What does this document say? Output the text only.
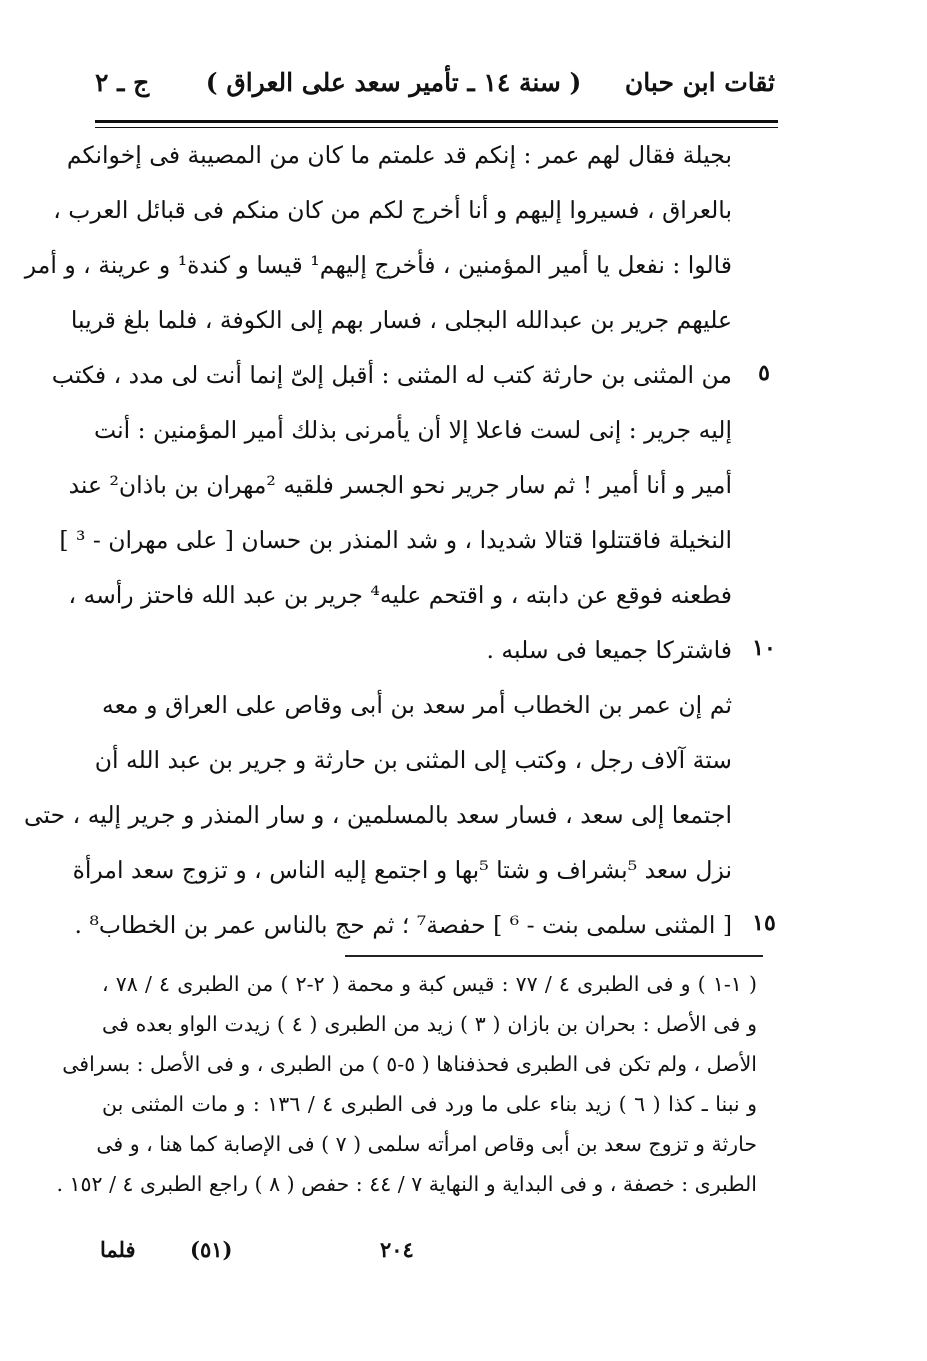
ثقات ابن حبان     ( سنة ١٤ ـ تأمير سعد على العراق )
ج ـ ٢
بجيلة فقال لهم عمر : إنكم قد علمتم ما كان من المصيبة فى إخوانكم
بالعراق ، فسيروا إليهم و أنا أخرج لكم من كان منكم فى قبائل العرب ،
قالوا : نفعل يا أمير المؤمنين ، فأخرج إليهم¹ قيسا و كندة¹ و عرينة ، و أمر
عليهم جرير بن عبدالله البجلى ، فسار بهم إلى الكوفة ، فلما بلغ قريبا
من المثنى بن حارثة كتب له المثنى : أقبل إلىّ إنما أنت لى مدد ، فكتب	٥
إليه جرير : إنى لست فاعلا إلا أن يأمرنى بذلك أمير المؤمنين : أنت
أمير و أنا أمير ! ثم سار جرير نحو الجسر فلقيه ²مهران بن باذان² عند
النخيلة فاقتتلوا قتالا شديدا ، و شد المنذر بن حسان [ على مهران - ³ ]
فطعنه فوقع عن دابته ، و اقتحم عليه⁴ جرير بن عبد الله فاحتز رأسه ،
فاشتركا جميعا فى سلبه . ١٠
ثم إن عمر بن الخطاب أمر سعد بن أبى وقاص على العراق و معه
ستة آلاف رجل ، وكتب إلى المثنى بن حارثة و جرير بن عبد الله أن
اجتمعا إلى سعد ، فسار سعد بالمسلمين ، و سار المنذر و جرير إليه ، حتى
نزل سعد ⁵بشراف و شتا ⁵بها و اجتمع إليه الناس ، و تزوج سعد امرأة
[ المثنى سلمى بنت - ⁶ ] حفصة⁷ ؛ ثم حج بالناس عمر بن الخطاب⁸ . ١٥
( ١-١ ) و فى الطبرى ٤ / ٧٧ : قيس كبة و محمة ( ٢-٢ ) من الطبرى ٤ / ٧٨ ،
و فى الأصل : بحران بن بازان ( ٣ ) زيد من الطبرى ( ٤ ) زيدت الواو بعده فى
الأصل ، ولم تكن فى الطبرى فحذفناها ( ٥-٥ ) من الطبرى ، و فى الأصل : بسرافى
و نبنا ـ كذا ( ٦ ) زيد بناء على ما ورد فى الطبرى ٤ / ١٣٦ : و مات المثنى بن
حارثة و تزوج سعد بن أبى وقاص امرأته سلمى ( ٧ ) فى الإصابة كما هنا ، و فى
الطبرى : خصفة ، و فى البداية و النهاية ٧ / ٤٤ : حفص ( ٨ ) راجع الطبرى ٤ / ١٥٢ .
فلما	(٥١)	٢٠٤
